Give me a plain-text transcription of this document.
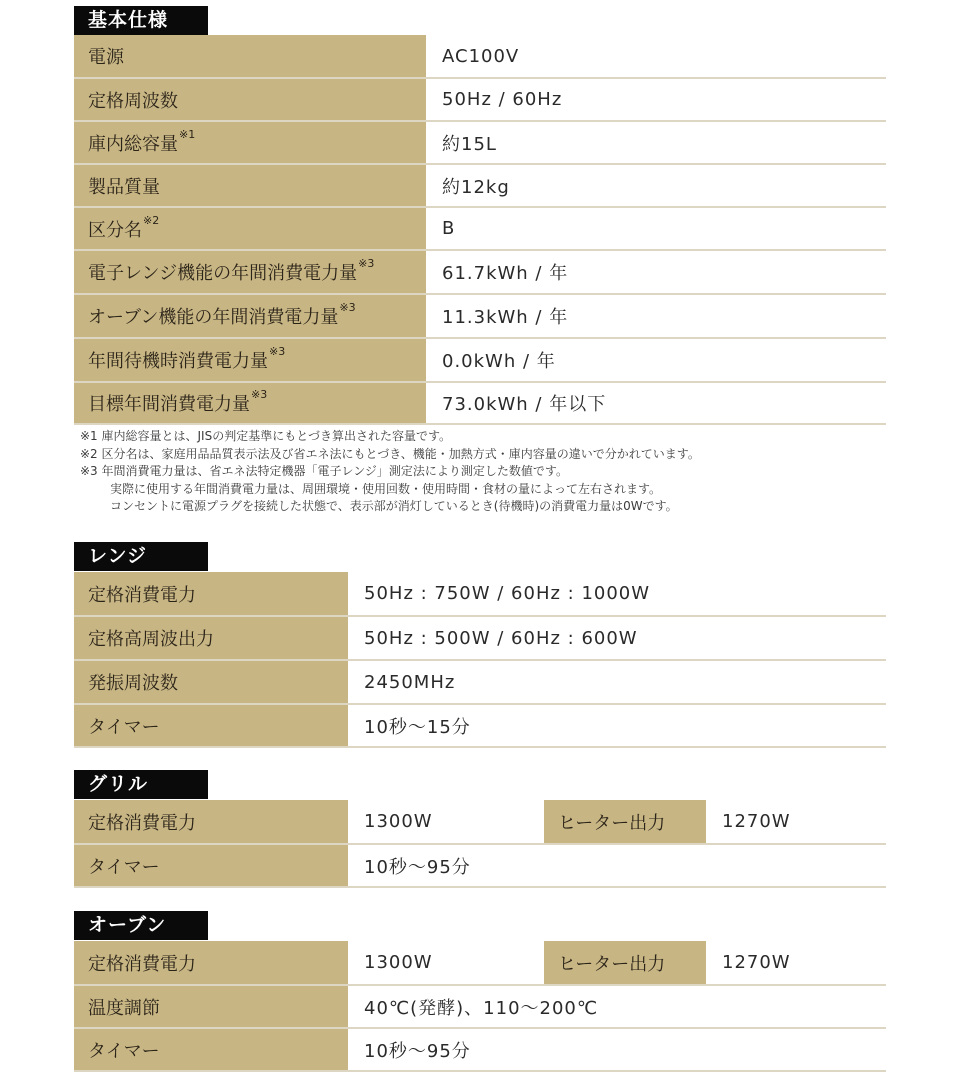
基本仕様
電源	AC100V
定格周波数	50Hz / 60Hz
庫内総容量$^{※1}$	約15L
製品質量	約12kg
区分名$^{※2}$	B
電子レンジ機能の年間消費電力量$^{※3}$	61.7kWh / 年
オーブン機能の年間消費電力量$^{※3}$	11.3kWh / 年
年間待機時消費電力量$^{※3}$	0.0kWh / 年
目標年間消費電力量$^{※3}$	73.0kWh / 年以下
※1 庫内総容量とは、JISの判定基準にもとづき算出された容量です。
※2 区分名は、家庭用品品質表示法及び省エネ法にもとづき、機能・加熱方式・庫内容量の違いで分かれています。
※3 年間消費電力量は、省エネ法特定機器「電子レンジ」測定法により測定した数値です。
実際に使用する年間消費電力量は、周囲環境・使用回数・使用時間・食材の量によって左右されます。
コンセントに電源プラグを接続した状態で、表示部が消灯しているとき(待機時)の消費電力量は0Wです。
レンジ
定格消費電力	50Hz : 750W / 60Hz : 1000W
定格高周波出力	50Hz : 500W / 60Hz : 600W
発振周波数	2450MHz
タイマー	10秒～15分
グリル
定格消費電力	1300W	ヒーター出力	1270W
タイマー	10秒～95分		
オーブン
定格消費電力	1300W	ヒーター出力	1270W
温度調節	40℃(発酵)、110～200℃		
タイマー	10秒～95分		
